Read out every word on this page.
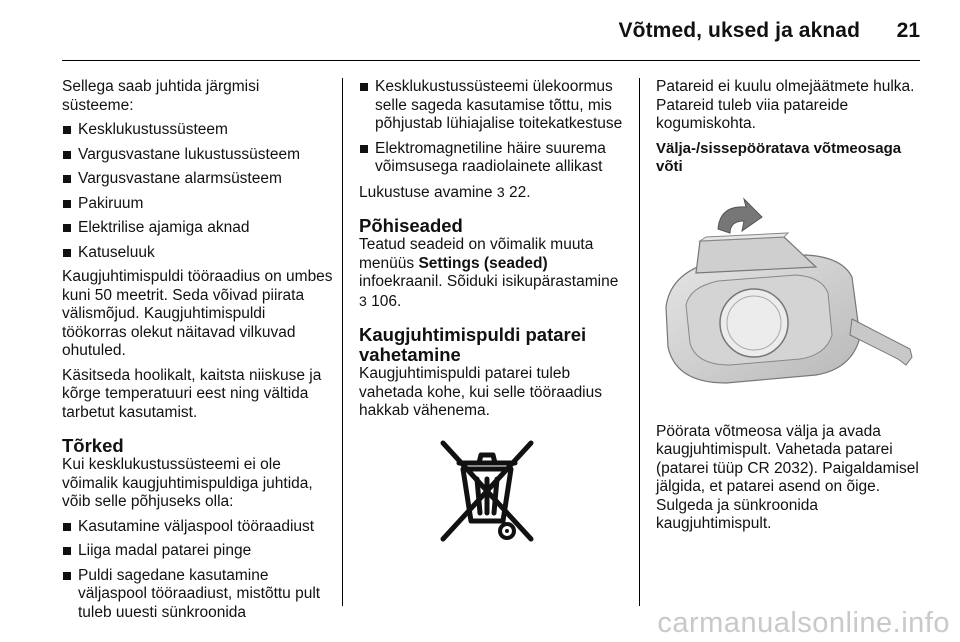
Võtmed, uksed ja aknad 21

Sellega saab juhtida järgmisi süsteeme:

Kesklukustussüsteem
Vargusvastane lukustussüsteem
Vargusvastane alarmsüsteem
Pakiruum
Elektrilise ajamiga aknad
Katuseluuk

Kaugjuhtimispuldi tööraadius on umbes kuni 50 meetrit. Seda võivad piirata välismõjud. Kaugjuhtimispuldi töökorras olekut näitavad vilkuvad ohutuled.

Käsitseda hoolikalt, kaitsta niiskuse ja kõrge temperatuuri eest ning vältida tarbetut kasutamist.

Tõrked

Kui kesklukustussüsteemi ei ole võimalik kaugjuhtimispuldiga juhtida, võib selle põhjuseks olla:

Kasutamine väljaspool tööraadiust
Liiga madal patarei pinge
Puldi sagedane kasutamine väljaspool tööraadiust, mistõttu pult tuleb uuesti sünkroonida
Kesklukustussüsteemi ülekoormus selle sageda kasutamise tõttu, mis põhjustab lühiajalise toitekatkestuse
Elektromagnetiline häire suurema võimsusega raadiolainete allikast

Lukustuse avamine 3 22.

Põhiseaded

Teatud seadeid on võimalik muuta menüüs Settings (seaded) infoekraanil. Sõiduki isikupärastamine 3 106.

Kaugjuhtimispuldi patarei vahetamine

Kaugjuhtimispuldi patarei tuleb vahetada kohe, kui selle tööraadius hakkab vähenema.

Patareid ei kuulu olmejäätmete hulka. Patareid tuleb viia patareide kogumiskohta.

Välja-/sissepööratava võtmeosaga võti

Pöörata võtmeosa välja ja avada kaugjuhtimispult. Vahetada patarei (patarei tüüp CR 2032). Paigaldamisel jälgida, et patarei asend on õige. Sulgeda ja sünkroonida kaugjuhtimispult.

carmanualsonline.info
